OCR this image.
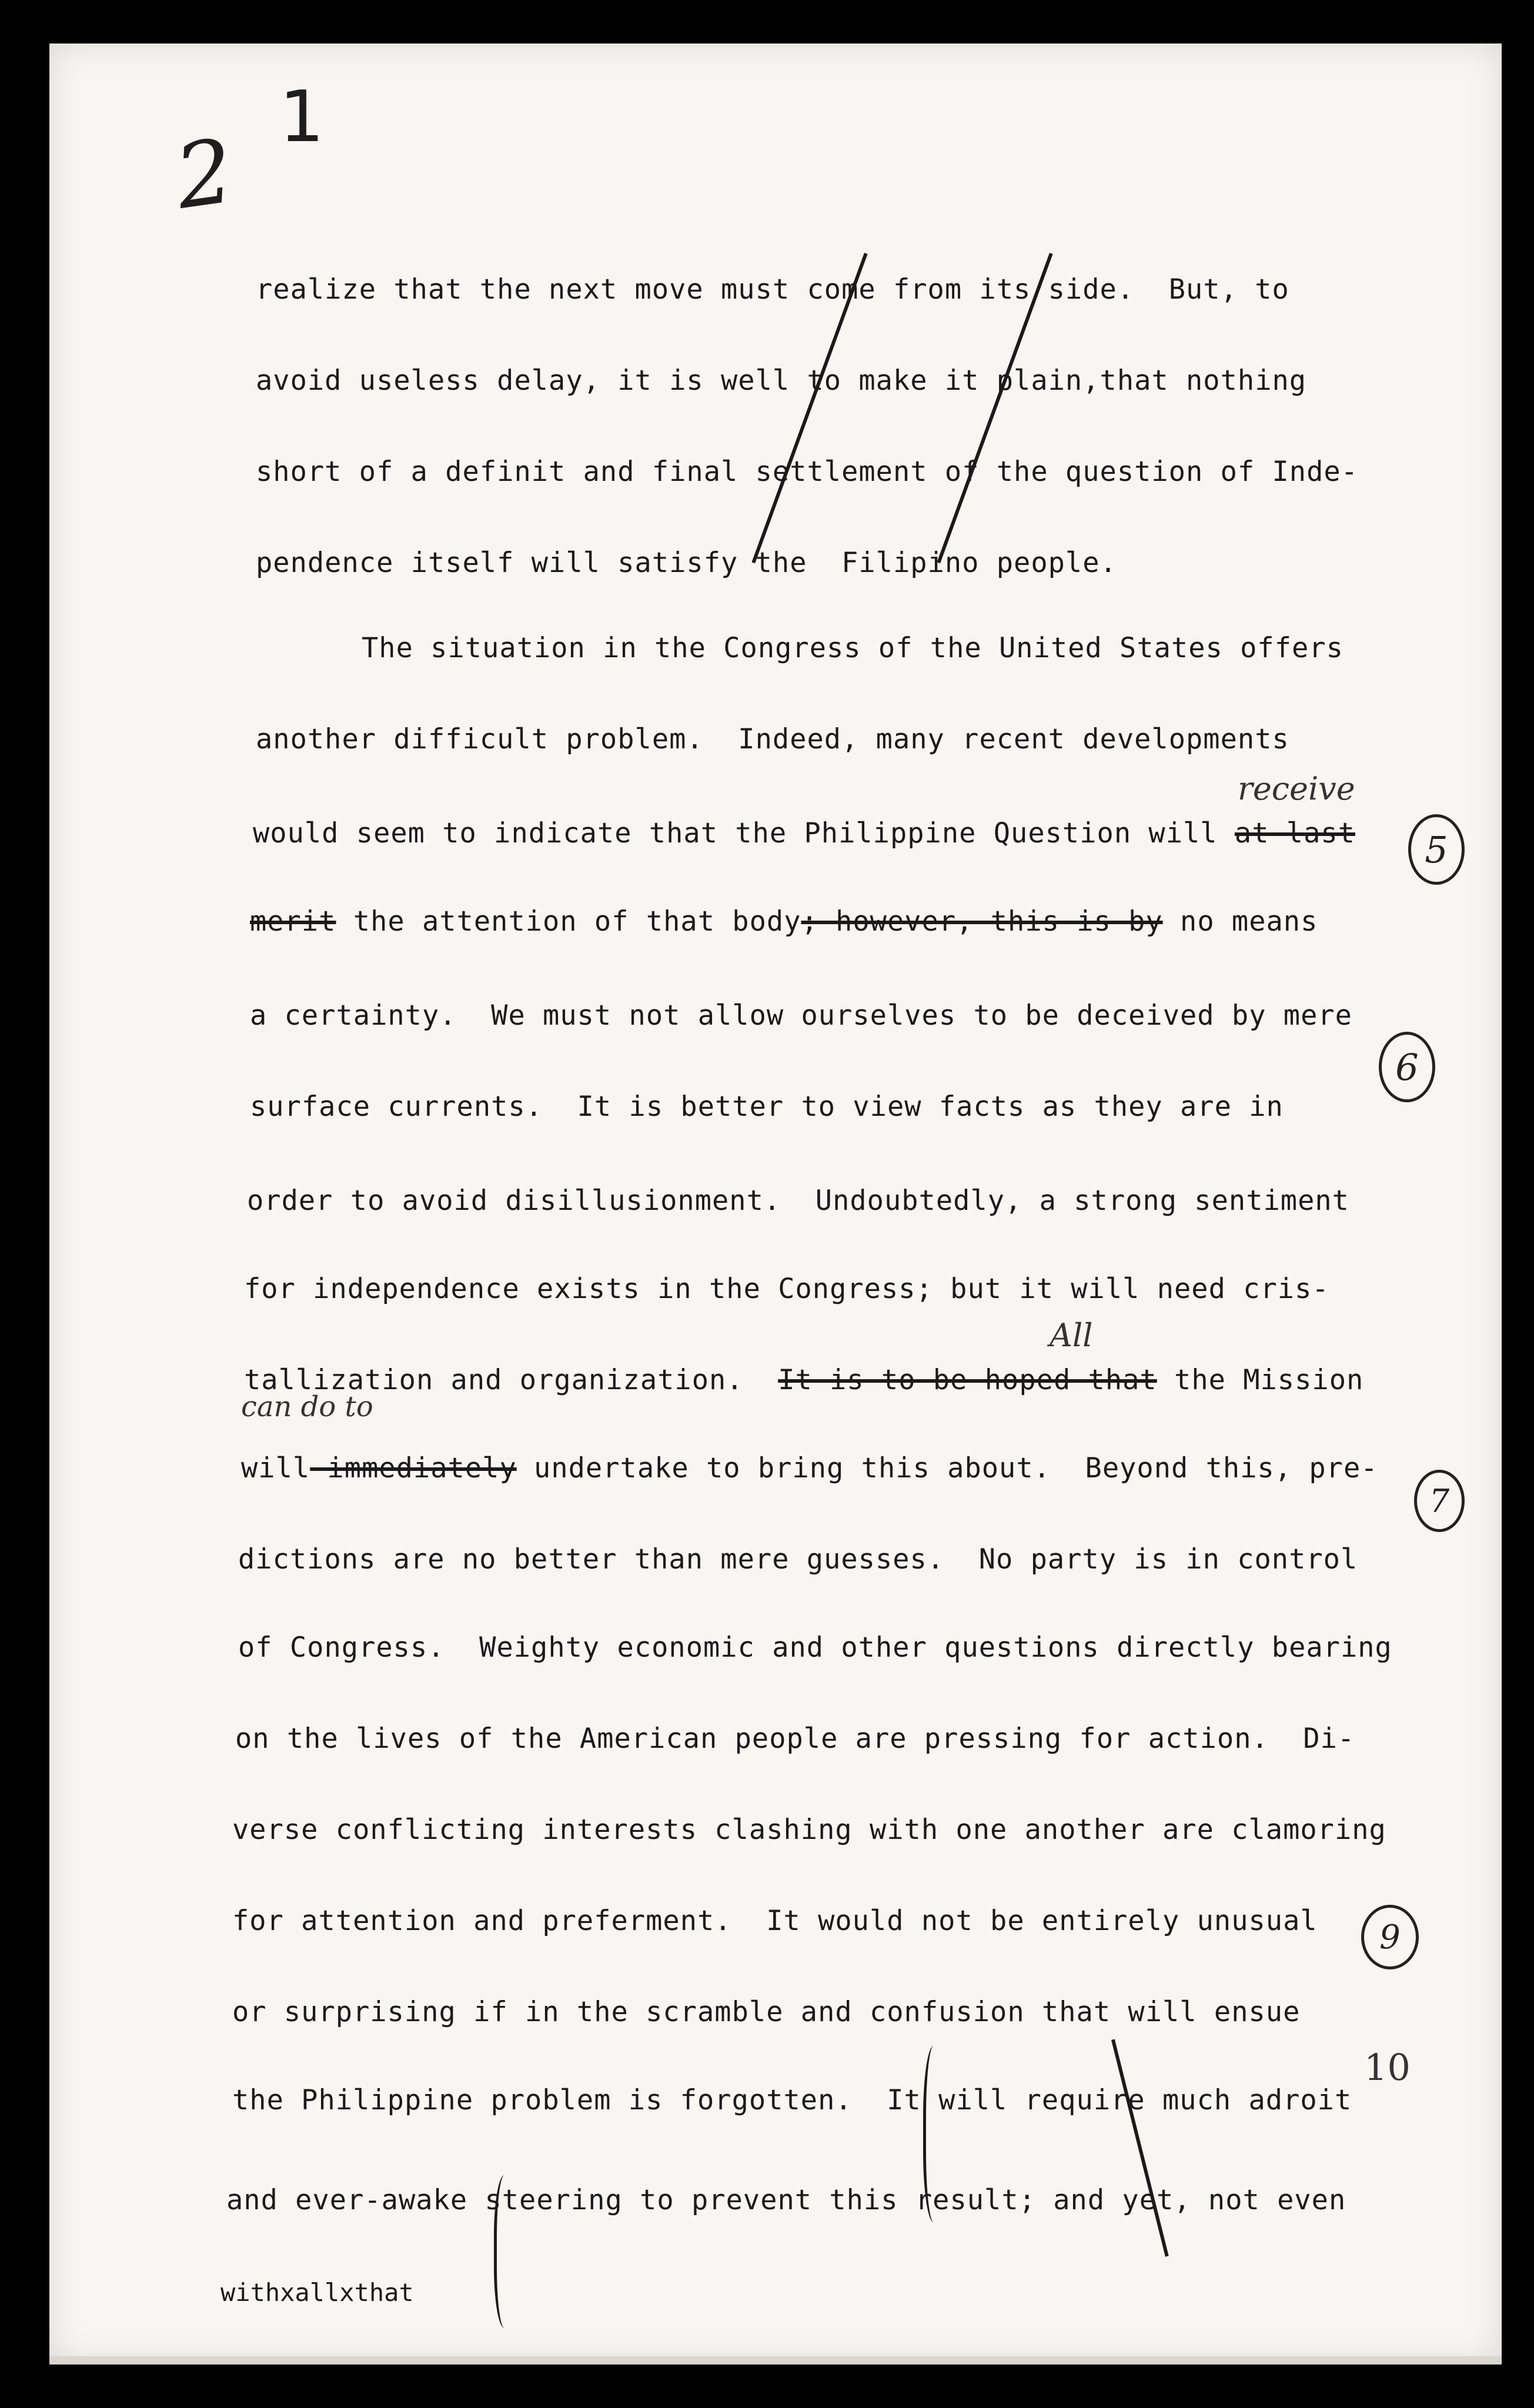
2
1
realize that the next move must come from its side.  But, to
avoid useless delay, it is well to make it plain,that nothing
short of a definit and final settlement of the question of Inde-
pendence itself will satisfy the  Filipino people.
The situation in the Congress of the United States offers
another difficult problem.  Indeed, many recent developments
would seem to indicate that the Philippine Question will at last
receive
5
merit the attention of that body; however, this is by no means
a certainty.  We must not allow ourselves to be deceived by mere
6
surface currents.  It is better to view facts as they are in
order to avoid disillusionment.  Undoubtedly, a strong sentiment
for independence exists in the Congress; but it will need cris-
tallization and organization. It is to be hoped that the Mission
All
can do to
will immediately undertake to bring this about.  Beyond this, pre-
7
dictions are no better than mere guesses.  No party is in control
of Congress.  Weighty economic and other questions directly bearing
on the lives of the American people are pressing for action.  Di-
verse conflicting interests clashing with one another are clamoring
for attention and preferment.  It would not be entirely unusual	9
or surprising if in the scramble and confusion that will ensue
10
the Philippine problem is forgotten.  It will require much adroit
and ever-awake steering to prevent this result; and yet, not even
withxallxthat
